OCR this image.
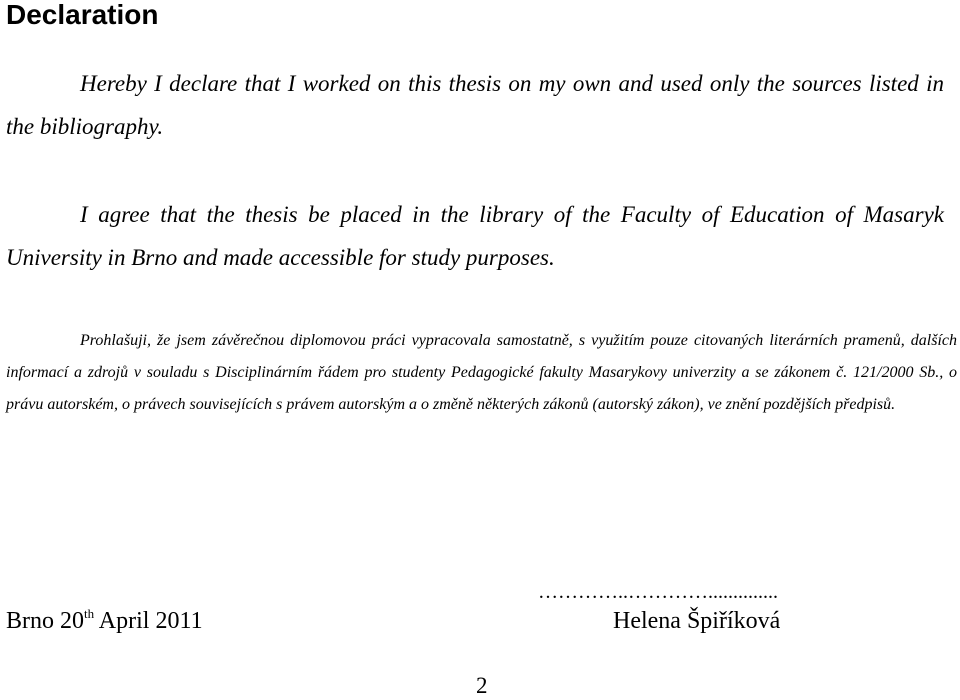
Declaration

Hereby I declare that I worked on this thesis on my own and used only the sources listed in the bibliography.

I agree that the thesis be placed in the library of the Faculty of Education of Masaryk University in Brno and made accessible for study purposes.

Prohlašuji, že jsem závěrečnou diplomovou práci vypracovala samostatně, s využitím pouze citovaných literárních pramenů, dalších informací a zdrojů v souladu s Disciplinárním řádem pro studenty Pedagogické fakulty Masarykovy univerzity a se zákonem č. 121/2000 Sb., o právu autorském, o právech souvisejících s právem autorským a o změně některých zákonů (autorský zákon), ve znění pozdějších předpisů.

Brno 20th April 2011
…………..…………..............
Helena Špiříková
2
